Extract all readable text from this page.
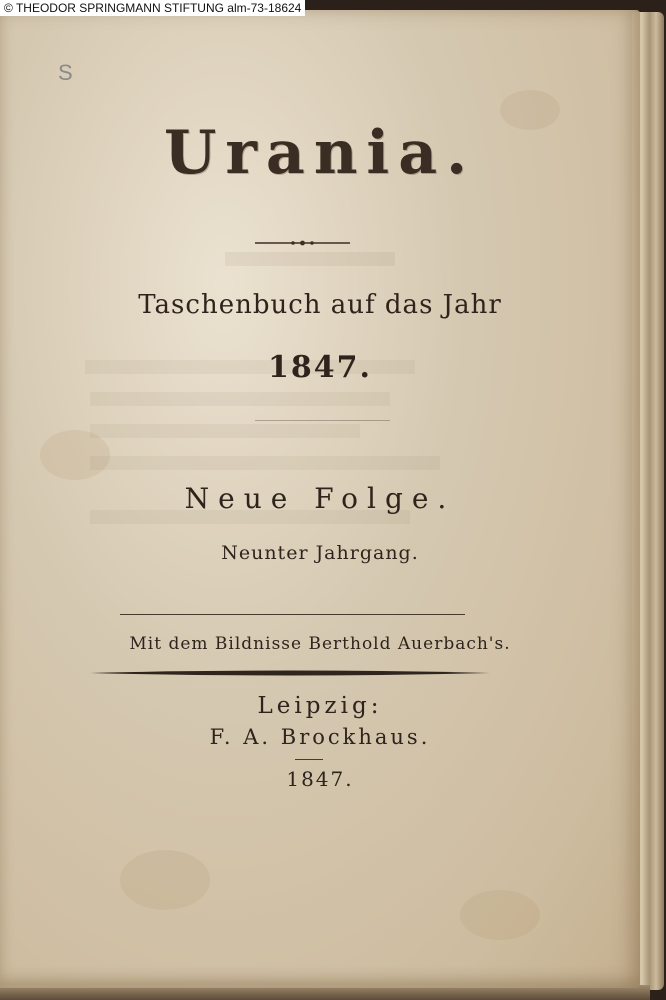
Urania.
Taschenbuch auf das Jahr
1847.
Neue Folge.
Neunter Jahrgang.
Mit dem Bildnisse Berthold Auerbach's.
Leipzig:
F. A. Brockhaus.
1847.
S
© THEODOR SPRINGMANN STIFTUNG alm-73-18624
